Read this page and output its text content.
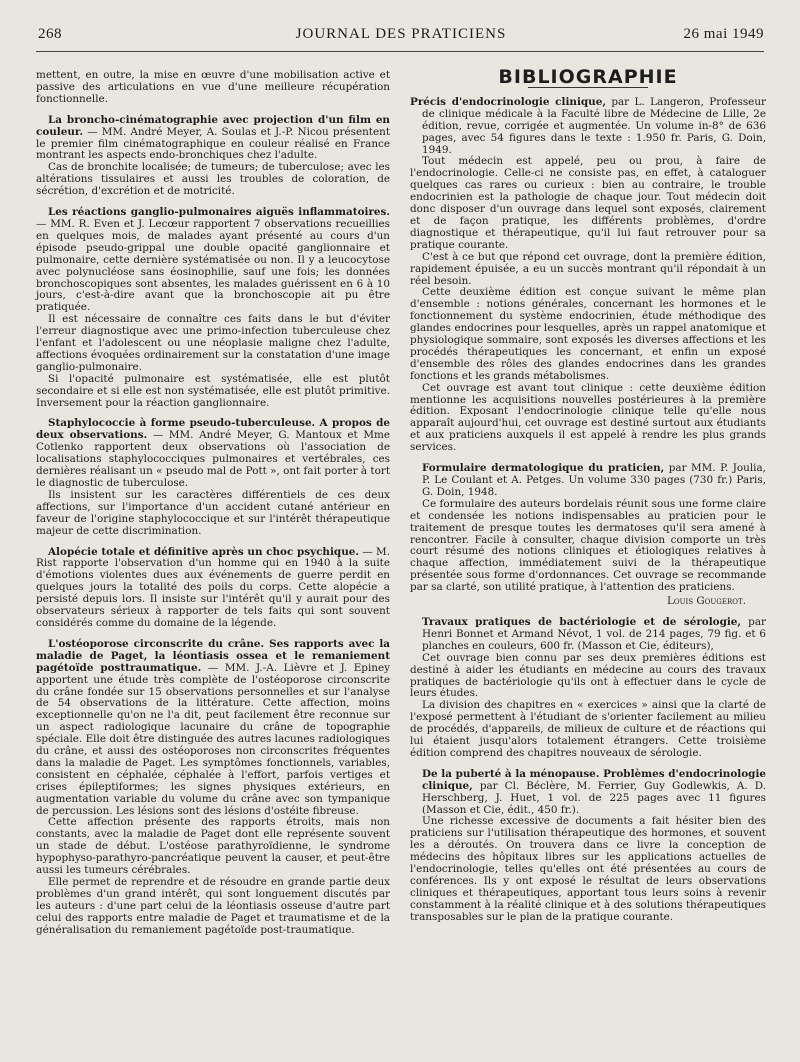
268	JOURNAL DES PRATICIENS	26 mai 1949

mettent, en outre, la mise en œuvre d'une mobilisation active et passive des articulations en vue d'une meilleure récupération fonctionnelle.

La broncho-cinématographie avec projection d'un film en couleur. — MM. André Meyer, A. Soulas et J.-P. Nicou présentent le premier film cinématographique en couleur réalisé en France montrant les aspects endo-bronchiques chez l'adulte.

Cas de bronchite localisée; de tumeurs; de tuberculose; avec les altérations tissulaires et aussi les troubles de coloration, de sécrétion, d'excrétion et de motricité.

Les réactions ganglio-pulmonaires aiguës inflammatoires. — MM. R. Even et J. Lecœur rapportent 7 observations recueillies en quelques mois, de malades ayant présenté au cours d'un épisode pseudo-grippal une double opacité ganglionnaire et pulmonaire, cette dernière systématisée ou non. Il y a leucocytose avec polynucléose sans éosinophilie, sauf une fois; les données bronchoscopiques sont absentes, les malades guérissent en 6 à 10 jours, c'est-à-dire avant que la bronchoscopie ait pu être pratiquée.

Il est nécessaire de connaître ces faits dans le but d'éviter l'erreur diagnostique avec une primo-infection tuberculeuse chez l'enfant et l'adolescent ou une néoplasie maligne chez l'adulte, affections évoquées ordinairement sur la constatation d'une image ganglio-pulmonaire.

Si l'opacité pulmonaire est systématisée, elle est plutôt secondaire et si elle est non systématisée, elle est plutôt primitive. Inversement pour la réaction ganglionnaire.

Staphylococcie à forme pseudo-tuberculeuse. A propos de deux observations. — MM. André Meyer, G. Mantoux et Mme Cotlenko rapportent deux observations où l'association de localisations staphylococciques pulmonaires et vertébrales, ces dernières réalisant un « pseudo mal de Pott », ont fait porter à tort le diagnostic de tuberculose.

Ils insistent sur les caractères différentiels de ces deux affections, sur l'importance d'un accident cutané antérieur en faveur de l'origine staphylococcique et sur l'intérêt thérapeutique majeur de cette discrimination.

Alopécie totale et définitive après un choc psychique. — M. Rist rapporte l'observation d'un homme qui en 1940 à la suite d'émotions violentes dues aux événements de guerre perdit en quelques jours la totalité des poils du corps. Cette alopécie a persisté depuis lors. Il insiste sur l'intérêt qu'il y aurait pour des observateurs sérieux à rapporter de tels faits qui sont souvent considérés comme du domaine de la légende.

L'ostéoporose circonscrite du crâne. Ses rapports avec la maladie de Paget, la léontiasis ossea et le remaniement pagétoïde posttraumatique. — MM. J.-A. Lièvre et J. Epiney apportent une étude très complète de l'ostéoporose circonscrite du crâne fondée sur 15 observations personnelles et sur l'analyse de 54 observations de la littérature. Cette affection, moins exceptionnelle qu'on ne l'a dit, peut facilement être reconnue sur un aspect radiologique lacunaire du crâne de topographie spéciale. Elle doit être distinguée des autres lacunes radiologiques du crâne, et aussi des ostéoporoses non circonscrites fréquentes dans la maladie de Paget. Les symptômes fonctionnels, variables, consistent en céphalée, céphalée à l'effort, parfois vertiges et crises épileptiformes; les signes physiques extérieurs, en augmentation variable du volume du crâne avec son tympanique de percussion. Les lésions sont des lésions d'ostéite fibreuse.

Cette affection présente des rapports étroits, mais non constants, avec la maladie de Paget dont elle représente souvent un stade de début. L'ostéose parathyroïdienne, le syndrome hypophyso-parathyro-pancréatique peuvent la causer, et peut-être aussi les tumeurs cérébrales.

Elle permet de reprendre et de résoudre en grande partie deux problèmes d'un grand intérêt, qui sont longuement discutés par les auteurs : d'une part celui de la léontiasis osseuse d'autre part celui des rapports entre maladie de Paget et traumatisme et de la généralisation du remaniement pagétoïde post-traumatique.

BIBLIOGRAPHIE

Précis d'endocrinologie clinique, par L. Langeron, Professeur de clinique médicale à la Faculté libre de Médecine de Lille, 2e édition, revue, corrigée et augmentée. Un volume in-8° de 636 pages, avec 54 figures dans le texte : 1.950 fr. Paris, G. Doin, 1949.

Tout médecin est appelé, peu ou prou, à faire de l'endocrinologie. Celle-ci ne consiste pas, en effet, à cataloguer quelques cas rares ou curieux : bien au contraire, le trouble endocrinien est la pathologie de chaque jour. Tout médecin doit donc disposer d'un ouvrage dans lequel sont exposés, clairement et de façon pratique, les différents problèmes, d'ordre diagnostique et thérapeutique, qu'il lui faut retrouver pour sa pratique courante.

C'est à ce but que répond cet ouvrage, dont la première édition, rapidement épuisée, a eu un succès montrant qu'il répondait à un réel besoin.

Cette deuxième édition est conçue suivant le même plan d'ensemble : notions générales, concernant les hormones et le fonctionnement du système endocrinien, étude méthodique des glandes endocrines pour lesquelles, après un rappel anatomique et physiologique sommaire, sont exposés les diverses affections et les procédés thérapeutiques les concernant, et enfin un exposé d'ensemble des rôles des glandes endocrines dans les grandes fonctions et les grands métabolismes.

Cet ouvrage est avant tout clinique : cette deuxième édition mentionne les acquisitions nouvelles postérieures à la première édition. Exposant l'endocrinologie clinique telle qu'elle nous apparaît aujourd'hui, cet ouvrage est destiné surtout aux étudiants et aux praticiens auxquels il est appelé à rendre les plus grands services.

Formulaire dermatologique du praticien, par MM. P. Joulia, P. Le Coulant et A. Petges. Un volume 330 pages (730 fr.) Paris, G. Doin, 1948.

Ce formulaire des auteurs bordelais réunit sous une forme claire et condensée les notions indispensables au praticien pour le traitement de presque toutes les dermatoses qu'il sera amené à rencontrer. Facile à consulter, chaque division comporte un très court résumé des notions cliniques et étiologiques relatives à chaque affection, immédiatement suivi de la thérapeutique présentée sous forme d'ordonnances. Cet ouvrage se recommande par sa clarté, son utilité pratique, à l'attention des praticiens.

Louis Gougerot.

Travaux pratiques de bactériologie et de sérologie, par Henri Bonnet et Armand Névot, 1 vol. de 214 pages, 79 fig. et 6 planches en couleurs, 600 fr. (Masson et Cie, éditeurs),

Cet ouvrage bien connu par ses deux premières éditions est destiné à aider les étudiants en médecine au cours des travaux pratiques de bactériologie qu'ils ont à effectuer dans le cycle de leurs études.

La division des chapitres en « exercices » ainsi que la clarté de l'exposé permettent à l'étudiant de s'orienter facilement au milieu de procédés, d'appareils, de milieux de culture et de réactions qui lui étaient jusqu'alors totalement étrangers. Cette troisième édition comprend des chapitres nouveaux de sérologie.

De la puberté à la ménopause. Problèmes d'endocrinologie clinique, par Cl. Béclère, M. Ferrier, Guy Godlewkis, A. D. Herschberg, J. Huet, 1 vol. de 225 pages avec 11 figures (Masson et Cie, édit., 450 fr.).

Une richesse excessive de documents a fait hésiter bien des praticiens sur l'utilisation thérapeutique des hormones, et souvent les a déroutés. On trouvera dans ce livre la conception de médecins des hôpitaux libres sur les applications actuelles de l'endocrinologie, telles qu'elles ont été présentées au cours de conférences. Ils y ont exposé le résultat de leurs observations cliniques et thérapeutiques, apportant tous leurs soins à revenir constamment à la réalité clinique et à des solutions thérapeutiques transposables sur le plan de la pratique courante.
